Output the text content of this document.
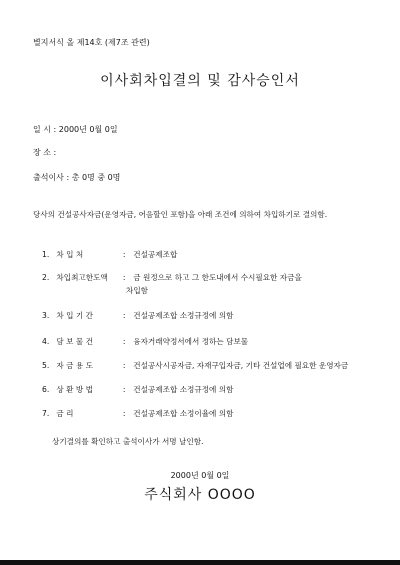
별지서식 올 제14호 (제7조 관련)
이사회차입결의 및 감사승인서
일 시 : 2000년 0월 0일
장 소 :
출석이사 : 총 0명 중 0명
당사의 건설공사자금(운영자금, 어음할인 포함)을 아래 조건에 의하여 차입하기로 결의함.
1. 차 입 처	: 건설공제조합
2. 차입최고한도액 : 금 원정으로 하고 그 한도내에서 수시필요한 자금을
차입함
3. 차 입 기 간	: 건설공제조합 소정규정에 의함
4. 담 보 물 건	: 융자거래약정서에서 정하는 담보물
5. 자 금 용 도	: 건설공사시공자금, 자재구입자금, 기타 건설업에 필요한 운영자금
6. 상 환 방 법	: 건설공제조합 소정규정에 의함
7. 금 리	: 건설공제조합 소정이율에 의함
상기결의를 확인하고 출석이사가 서명 날인함.
2000년 0월 0일
주식회사 OOOO
